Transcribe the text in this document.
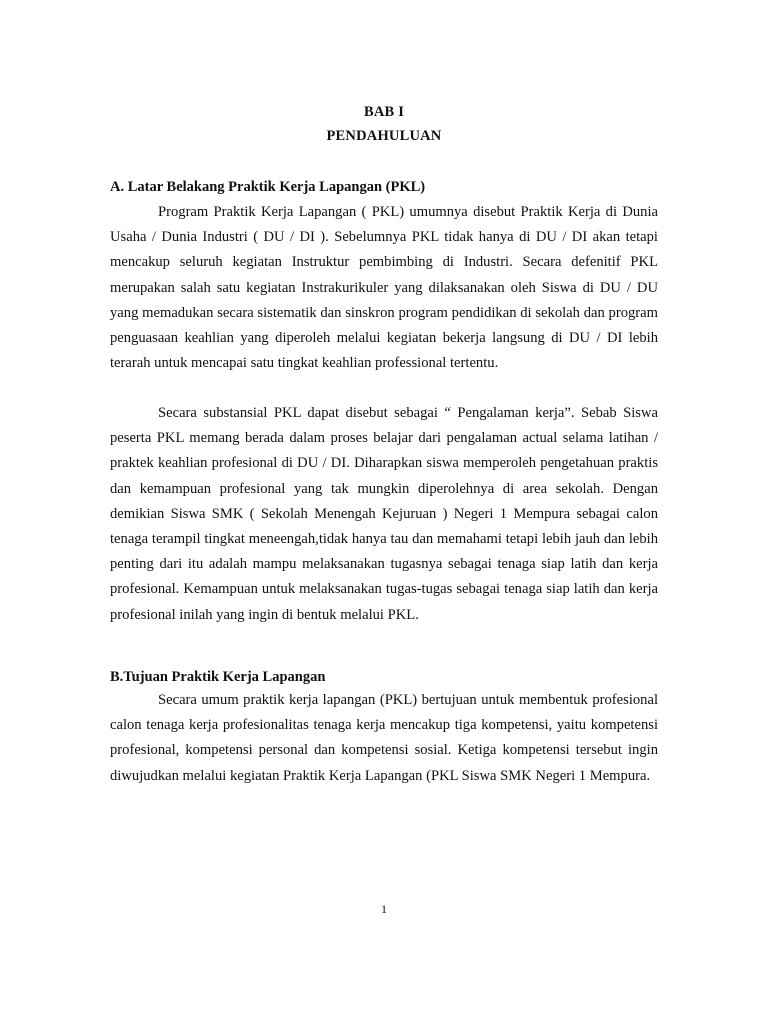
BAB I
PENDAHULUAN
A. Latar Belakang Praktik Kerja Lapangan (PKL)

Program Praktik Kerja Lapangan ( PKL) umumnya disebut Praktik Kerja di Dunia Usaha / Dunia Industri ( DU / DI ). Sebelumnya PKL tidak hanya di DU / DI akan tetapi mencakup seluruh kegiatan Instruktur pembimbing di Industri. Secara defenitif PKL merupakan salah satu kegiatan Instrakurikuler yang dilaksanakan oleh Siswa di DU / DU yang memadukan secara sistematik dan sinskron program pendidikan di sekolah dan program penguasaan keahlian yang diperoleh melalui kegiatan bekerja langsung di DU / DI lebih terarah untuk mencapai satu tingkat keahlian professional tertentu.

Secara substansial PKL dapat disebut sebagai “ Pengalaman kerja”. Sebab Siswa peserta PKL memang berada dalam proses belajar dari pengalaman actual selama latihan / praktek keahlian profesional di DU / DI. Diharapkan siswa memperoleh pengetahuan praktis dan kemampuan profesional yang tak mungkin diperolehnya di area sekolah. Dengan demikian Siswa SMK ( Sekolah Menengah Kejuruan ) Negeri 1 Mempura sebagai calon tenaga terampil tingkat meneengah,tidak hanya tau dan memahami tetapi lebih jauh dan lebih penting dari itu adalah mampu melaksanakan tugasnya sebagai tenaga siap latih dan kerja profesional. Kemampuan untuk melaksanakan tugas-tugas sebagai tenaga siap latih dan kerja profesional inilah yang ingin di bentuk melalui PKL.

B.Tujuan Praktik Kerja Lapangan

Secara umum praktik kerja lapangan (PKL) bertujuan untuk membentuk profesional calon tenaga kerja profesionalitas tenaga kerja mencakup tiga kompetensi, yaitu kompetensi profesional, kompetensi personal dan kompetensi sosial. Ketiga kompetensi tersebut ingin diwujudkan melalui kegiatan Praktik Kerja Lapangan (PKL Siswa SMK Negeri 1 Mempura.

1
